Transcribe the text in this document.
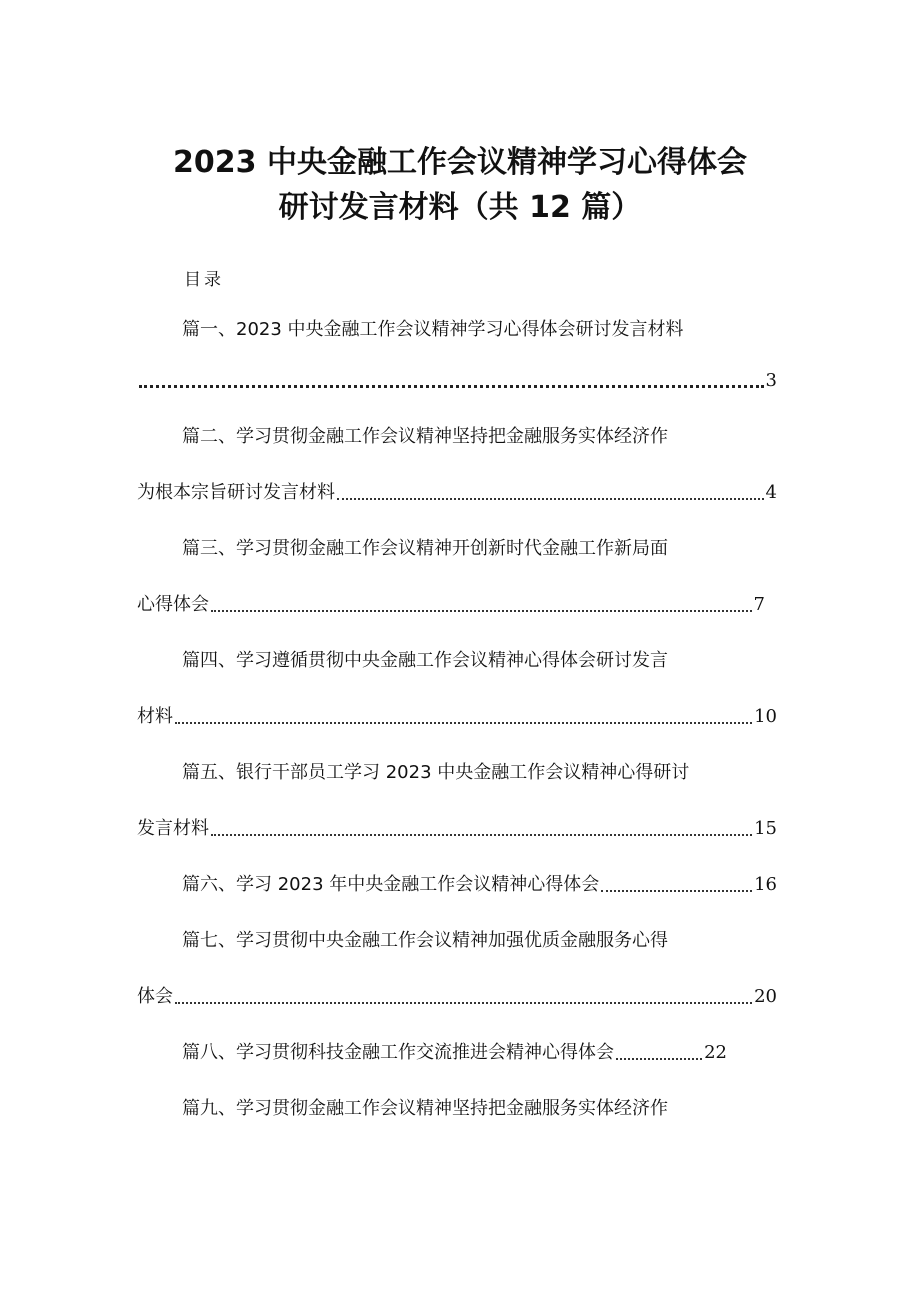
2023 中央金融工作会议精神学习心得体会
研讨发言材料（共 12 篇）
目录
篇一、2023 中央金融工作会议精神学习心得体会研讨发言材料
3
篇二、学习贯彻金融工作会议精神坚持把金融服务实体经济作
为根本宗旨研讨发言材料	4
篇三、学习贯彻金融工作会议精神开创新时代金融工作新局面
心得体会	7
篇四、学习遵循贯彻中央金融工作会议精神心得体会研讨发言
材料	10
篇五、银行干部员工学习 2023 中央金融工作会议精神心得研讨
发言材料	15
篇六、学习 2023 年中央金融工作会议精神心得体会	16
篇七、学习贯彻中央金融工作会议精神加强优质金融服务心得
体会	20
篇八、学习贯彻科技金融工作交流推进会精神心得体会	22
篇九、学习贯彻金融工作会议精神坚持把金融服务实体经济作
